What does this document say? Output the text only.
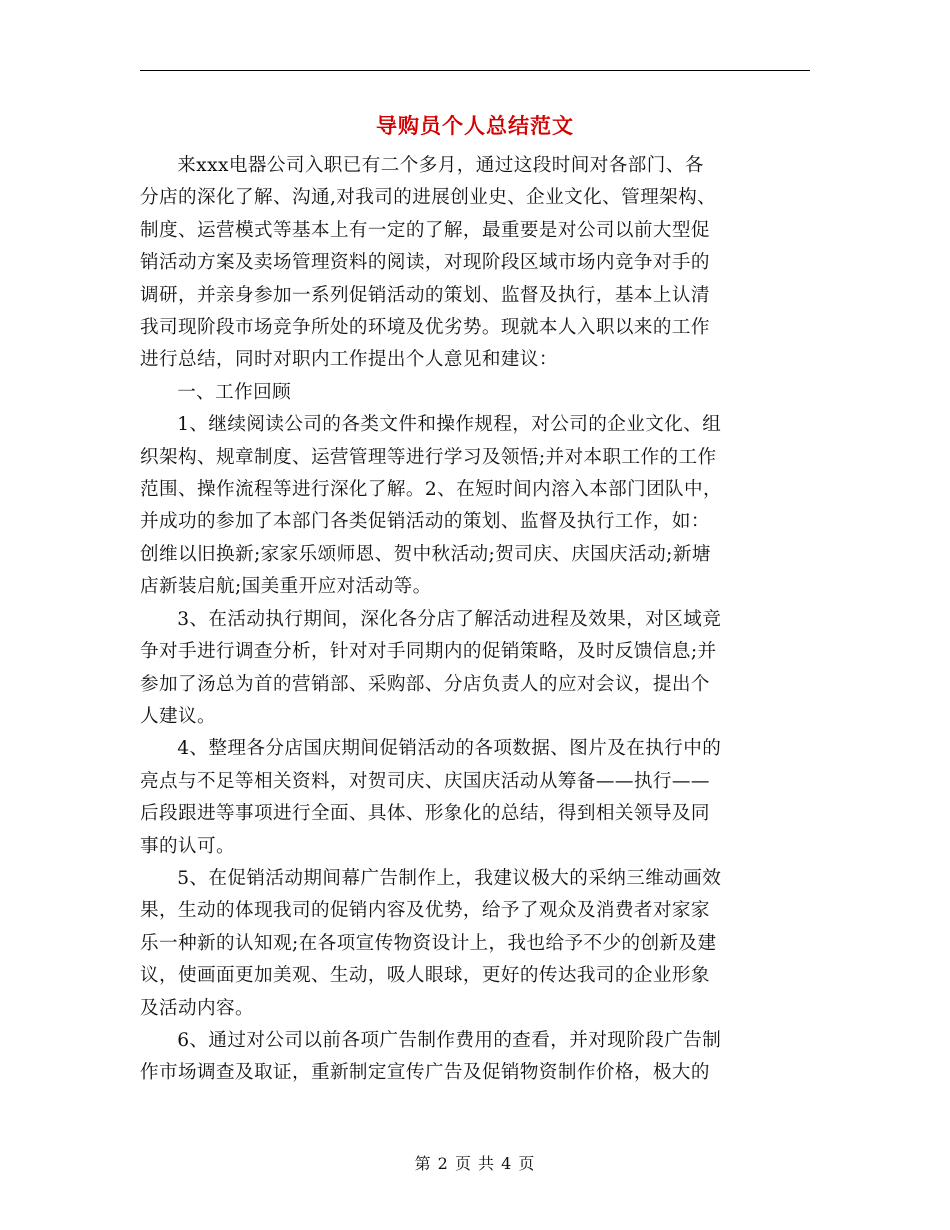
导购员个人总结范文
来xxx电器公司入职已有二个多月，通过这段时间对各部门、各
分店的深化了解、沟通,对我司的进展创业史、企业文化、管理架构、
制度、运营模式等基本上有一定的了解，最重要是对公司以前大型促
销活动方案及卖场管理资料的阅读，对现阶段区域市场内竞争对手的
调研，并亲身参加一系列促销活动的策划、监督及执行，基本上认清
我司现阶段市场竞争所处的环境及优劣势。现就本人入职以来的工作
进行总结，同时对职内工作提出个人意见和建议：
一、工作回顾
1、继续阅读公司的各类文件和操作规程，对公司的企业文化、组
织架构、规章制度、运营管理等进行学习及领悟;并对本职工作的工作
范围、操作流程等进行深化了解。2、在短时间内溶入本部门团队中，
并成功的参加了本部门各类促销活动的策划、监督及执行工作，如：
创维以旧换新;家家乐颂师恩、贺中秋活动;贺司庆、庆国庆活动;新塘
店新装启航;国美重开应对活动等。
3、在活动执行期间，深化各分店了解活动进程及效果，对区域竞
争对手进行调查分析，针对对手同期内的促销策略，及时反馈信息;并
参加了汤总为首的营销部、采购部、分店负责人的应对会议，提出个
人建议。
4、整理各分店国庆期间促销活动的各项数据、图片及在执行中的
亮点与不足等相关资料，对贺司庆、庆国庆活动从筹备——执行——
后段跟进等事项进行全面、具体、形象化的总结，得到相关领导及同
事的认可。
5、在促销活动期间幕广告制作上，我建议极大的采纳三维动画效
果，生动的体现我司的促销内容及优势，给予了观众及消费者对家家
乐一种新的认知观;在各项宣传物资设计上，我也给予不少的创新及建
议，使画面更加美观、生动，吸人眼球，更好的传达我司的企业形象
及活动内容。
6、通过对公司以前各项广告制作费用的查看，并对现阶段广告制
作市场调查及取证，重新制定宣传广告及促销物资制作价格，极大的
第 2 页 共 4 页
